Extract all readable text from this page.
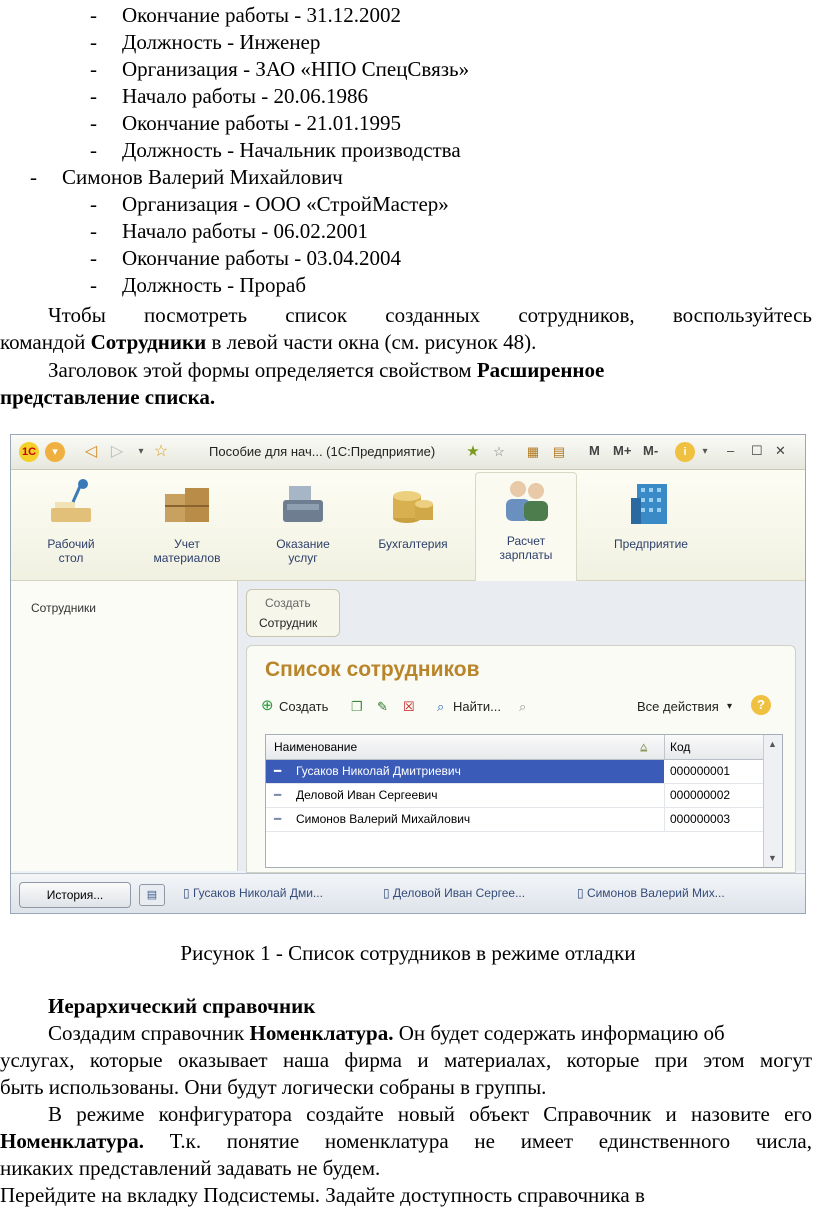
- Окончание работы - 31.12.2002
- Должность - Инженер
- Организация - ЗАО «НПО СпецСвязь»
- Начало работы - 20.06.1986
- Окончание работы - 21.01.1995
- Должность - Начальник производства
- Симонов Валерий Михайлович
- Организация - ООО «СтройМастер»
- Начало работы - 06.02.2001
- Окончание работы - 03.04.2004
- Должность - Прораб
Чтобы посмотреть список созданных сотрудников, воспользуйтесь
командой Сотрудники в левой части окна (см. рисунок 48).
Заголовок этой формы определяется свойством Расширенное
представление списка.
1С	▾	◁ ▷	▾ ☆	Пособие для нач... (1С:Предприятие) ★	☆	▦ ▤ M M+ M-	i	▾	– ☐ ✕
Рабочий
стол
Учет
материалов
Оказание
услуг
Бухгалтерия	Расчет
зарплаты
Предприятие
Сотрудники	Создать
Сотрудник
Список сотрудников
⊕ Создать ❐ ✎ ☒ ⌕ Найти... ⌕	Все действия ▾	?
Наименование	⩠ Код
━ Гусаков Николай Дмитриевич	000000001
━ Деловой Иван Сергеевич	000000002
━ Симонов Валерий Михайлович	000000003
▲
▼
История...	▤	▯ Гусаков Николай Дми...	▯ Деловой Иван Сергее...	▯ Симонов Валерий Мих...
Рисунок 1 - Список сотрудников в режиме отладки
Иерархический справочник
Создадим справочник Номенклатура. Он будет содержать информацию об
услугах, которые оказывает наша фирма и материалах, которые при этом могут
быть использованы. Они будут логически собраны в группы.
В режиме конфигуратора создайте новый объект Справочник и назовите его
Номенклатура. Т.к. понятие номенклатура не имеет единственного числа,
никаких представлений задавать не будем.
Перейдите на вкладку Подсистемы. Задайте доступность справочника в
